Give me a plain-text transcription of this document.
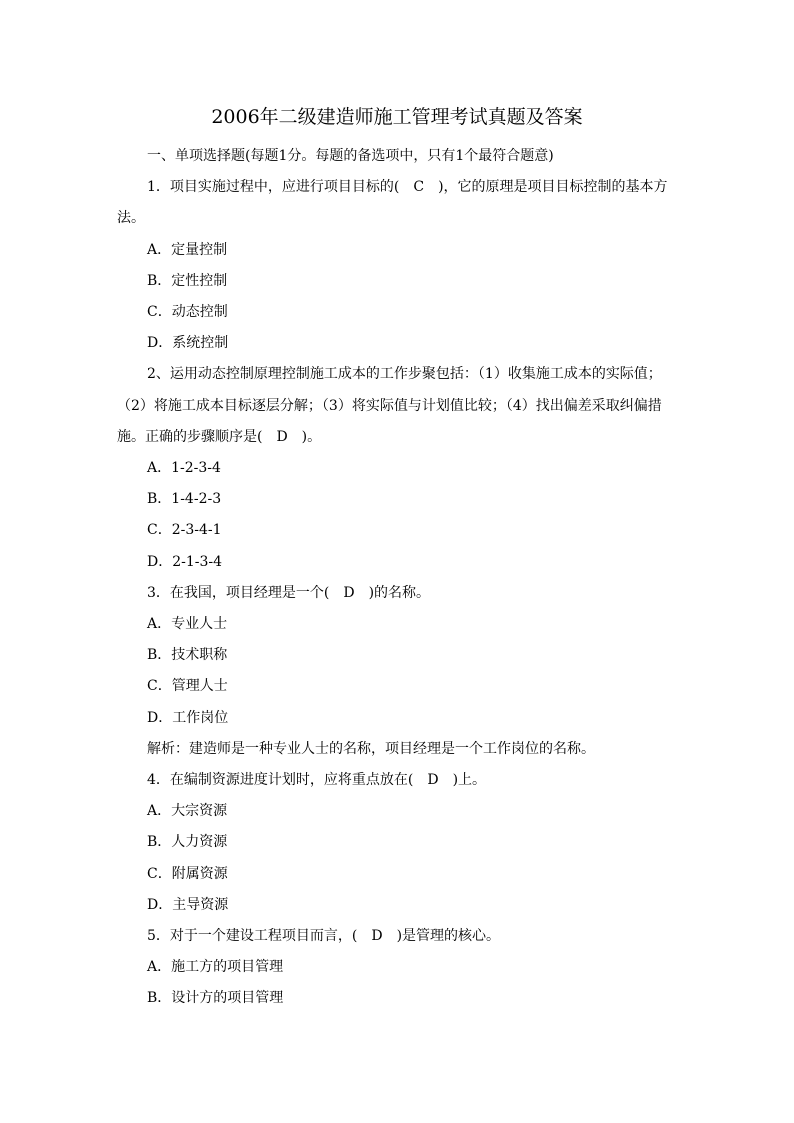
2006年二级建造师施工管理考试真题及答案

一、单项选择题(每题1分。每题的备选项中，只有1个最符合题意)

1．项目实施过程中，应进行项目目标的(　C　)，它的原理是项目目标控制的基本方法。

A．定量控制

B．定性控制

C．动态控制

D．系统控制

2、运用动态控制原理控制施工成本的工作步聚包括：（1）收集施工成本的实际值；（2）将施工成本目标逐层分解；（3）将实际值与计划值比较；（4）找出偏差采取纠偏措施。正确的步骤顺序是(　D　)。

A．1-2-3-4

B．1-4-2-3

C．2-3-4-1

D．2-1-3-4

3．在我国，项目经理是一个(　D　)的名称。

A．专业人士

B．技术职称

C．管理人士

D．工作岗位

解析：建造师是一种专业人士的名称，项目经理是一个工作岗位的名称。

4．在编制资源进度计划时，应将重点放在(　D　)上。

A．大宗资源

B．人力资源

C．附属资源

D．主导资源

5．对于一个建设工程项目而言，(　D　)是管理的核心。

A．施工方的项目管理

B．设计方的项目管理
